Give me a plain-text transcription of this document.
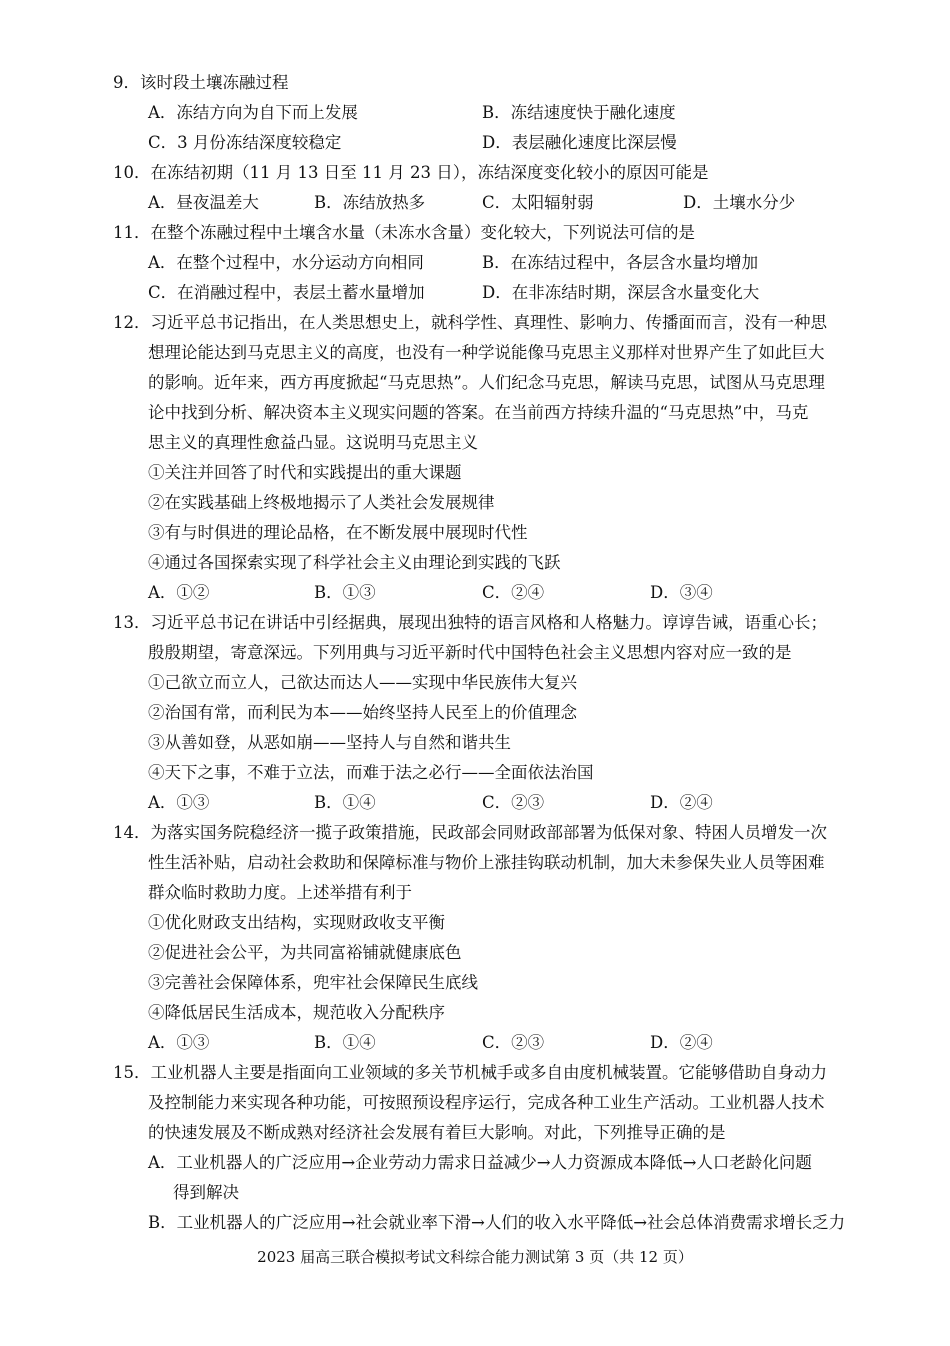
9．该时段土壤冻融过程
A．冻结方向为自下而上发展	B．冻结速度快于融化速度
C．3 月份冻结深度较稳定	D．表层融化速度比深层慢
10．在冻结初期（11 月 13 日至 11 月 23 日），冻结深度变化较小的原因可能是
A．昼夜温差大	B．冻结放热多	C．太阳辐射弱	D．土壤水分少
11．在整个冻融过程中土壤含水量（未冻水含量）变化较大，下列说法可信的是
A．在整个过程中，水分运动方向相同	B．在冻结过程中，各层含水量均增加
C．在消融过程中，表层土蓄水量增加	D．在非冻结时期，深层含水量变化大
12．习近平总书记指出，在人类思想史上，就科学性、真理性、影响力、传播面而言，没有一种思
想理论能达到马克思主义的高度，也没有一种学说能像马克思主义那样对世界产生了如此巨大
的影响。近年来，西方再度掀起“马克思热”。人们纪念马克思，解读马克思，试图从马克思理
论中找到分析、解决资本主义现实问题的答案。在当前西方持续升温的“马克思热”中，马克
思主义的真理性愈益凸显。这说明马克思主义
①关注并回答了时代和实践提出的重大课题
②在实践基础上终极地揭示了人类社会发展规律
③有与时俱进的理论品格，在不断发展中展现时代性
④通过各国探索实现了科学社会主义由理论到实践的飞跃
A．①②	B．①③	C．②④	D．③④
13．习近平总书记在讲话中引经据典，展现出独特的语言风格和人格魅力。谆谆告诫，语重心长；
殷殷期望，寄意深远。下列用典与习近平新时代中国特色社会主义思想内容对应一致的是
①己欲立而立人，己欲达而达人——实现中华民族伟大复兴
②治国有常，而利民为本——始终坚持人民至上的价值理念
③从善如登，从恶如崩——坚持人与自然和谐共生
④天下之事，不难于立法，而难于法之必行——全面依法治国
A．①③	B．①④	C．②③	D．②④
14．为落实国务院稳经济一揽子政策措施，民政部会同财政部部署为低保对象、特困人员增发一次
性生活补贴，启动社会救助和保障标准与物价上涨挂钩联动机制，加大未参保失业人员等困难
群众临时救助力度。上述举措有利于
①优化财政支出结构，实现财政收支平衡
②促进社会公平，为共同富裕铺就健康底色
③完善社会保障体系，兜牢社会保障民生底线
④降低居民生活成本，规范收入分配秩序
A．①③	B．①④	C．②③	D．②④
15．工业机器人主要是指面向工业领域的多关节机械手或多自由度机械装置。它能够借助自身动力
及控制能力来实现各种功能，可按照预设程序运行，完成各种工业生产活动。工业机器人技术
的快速发展及不断成熟对经济社会发展有着巨大影响。对此，下列推导正确的是
A．工业机器人的广泛应用→企业劳动力需求日益减少→人力资源成本降低→人口老龄化问题
得到解决
B．工业机器人的广泛应用→社会就业率下滑→人们的收入水平降低→社会总体消费需求增长乏力
2023 届高三联合模拟考试文科综合能力测试第 3 页（共 12 页）
